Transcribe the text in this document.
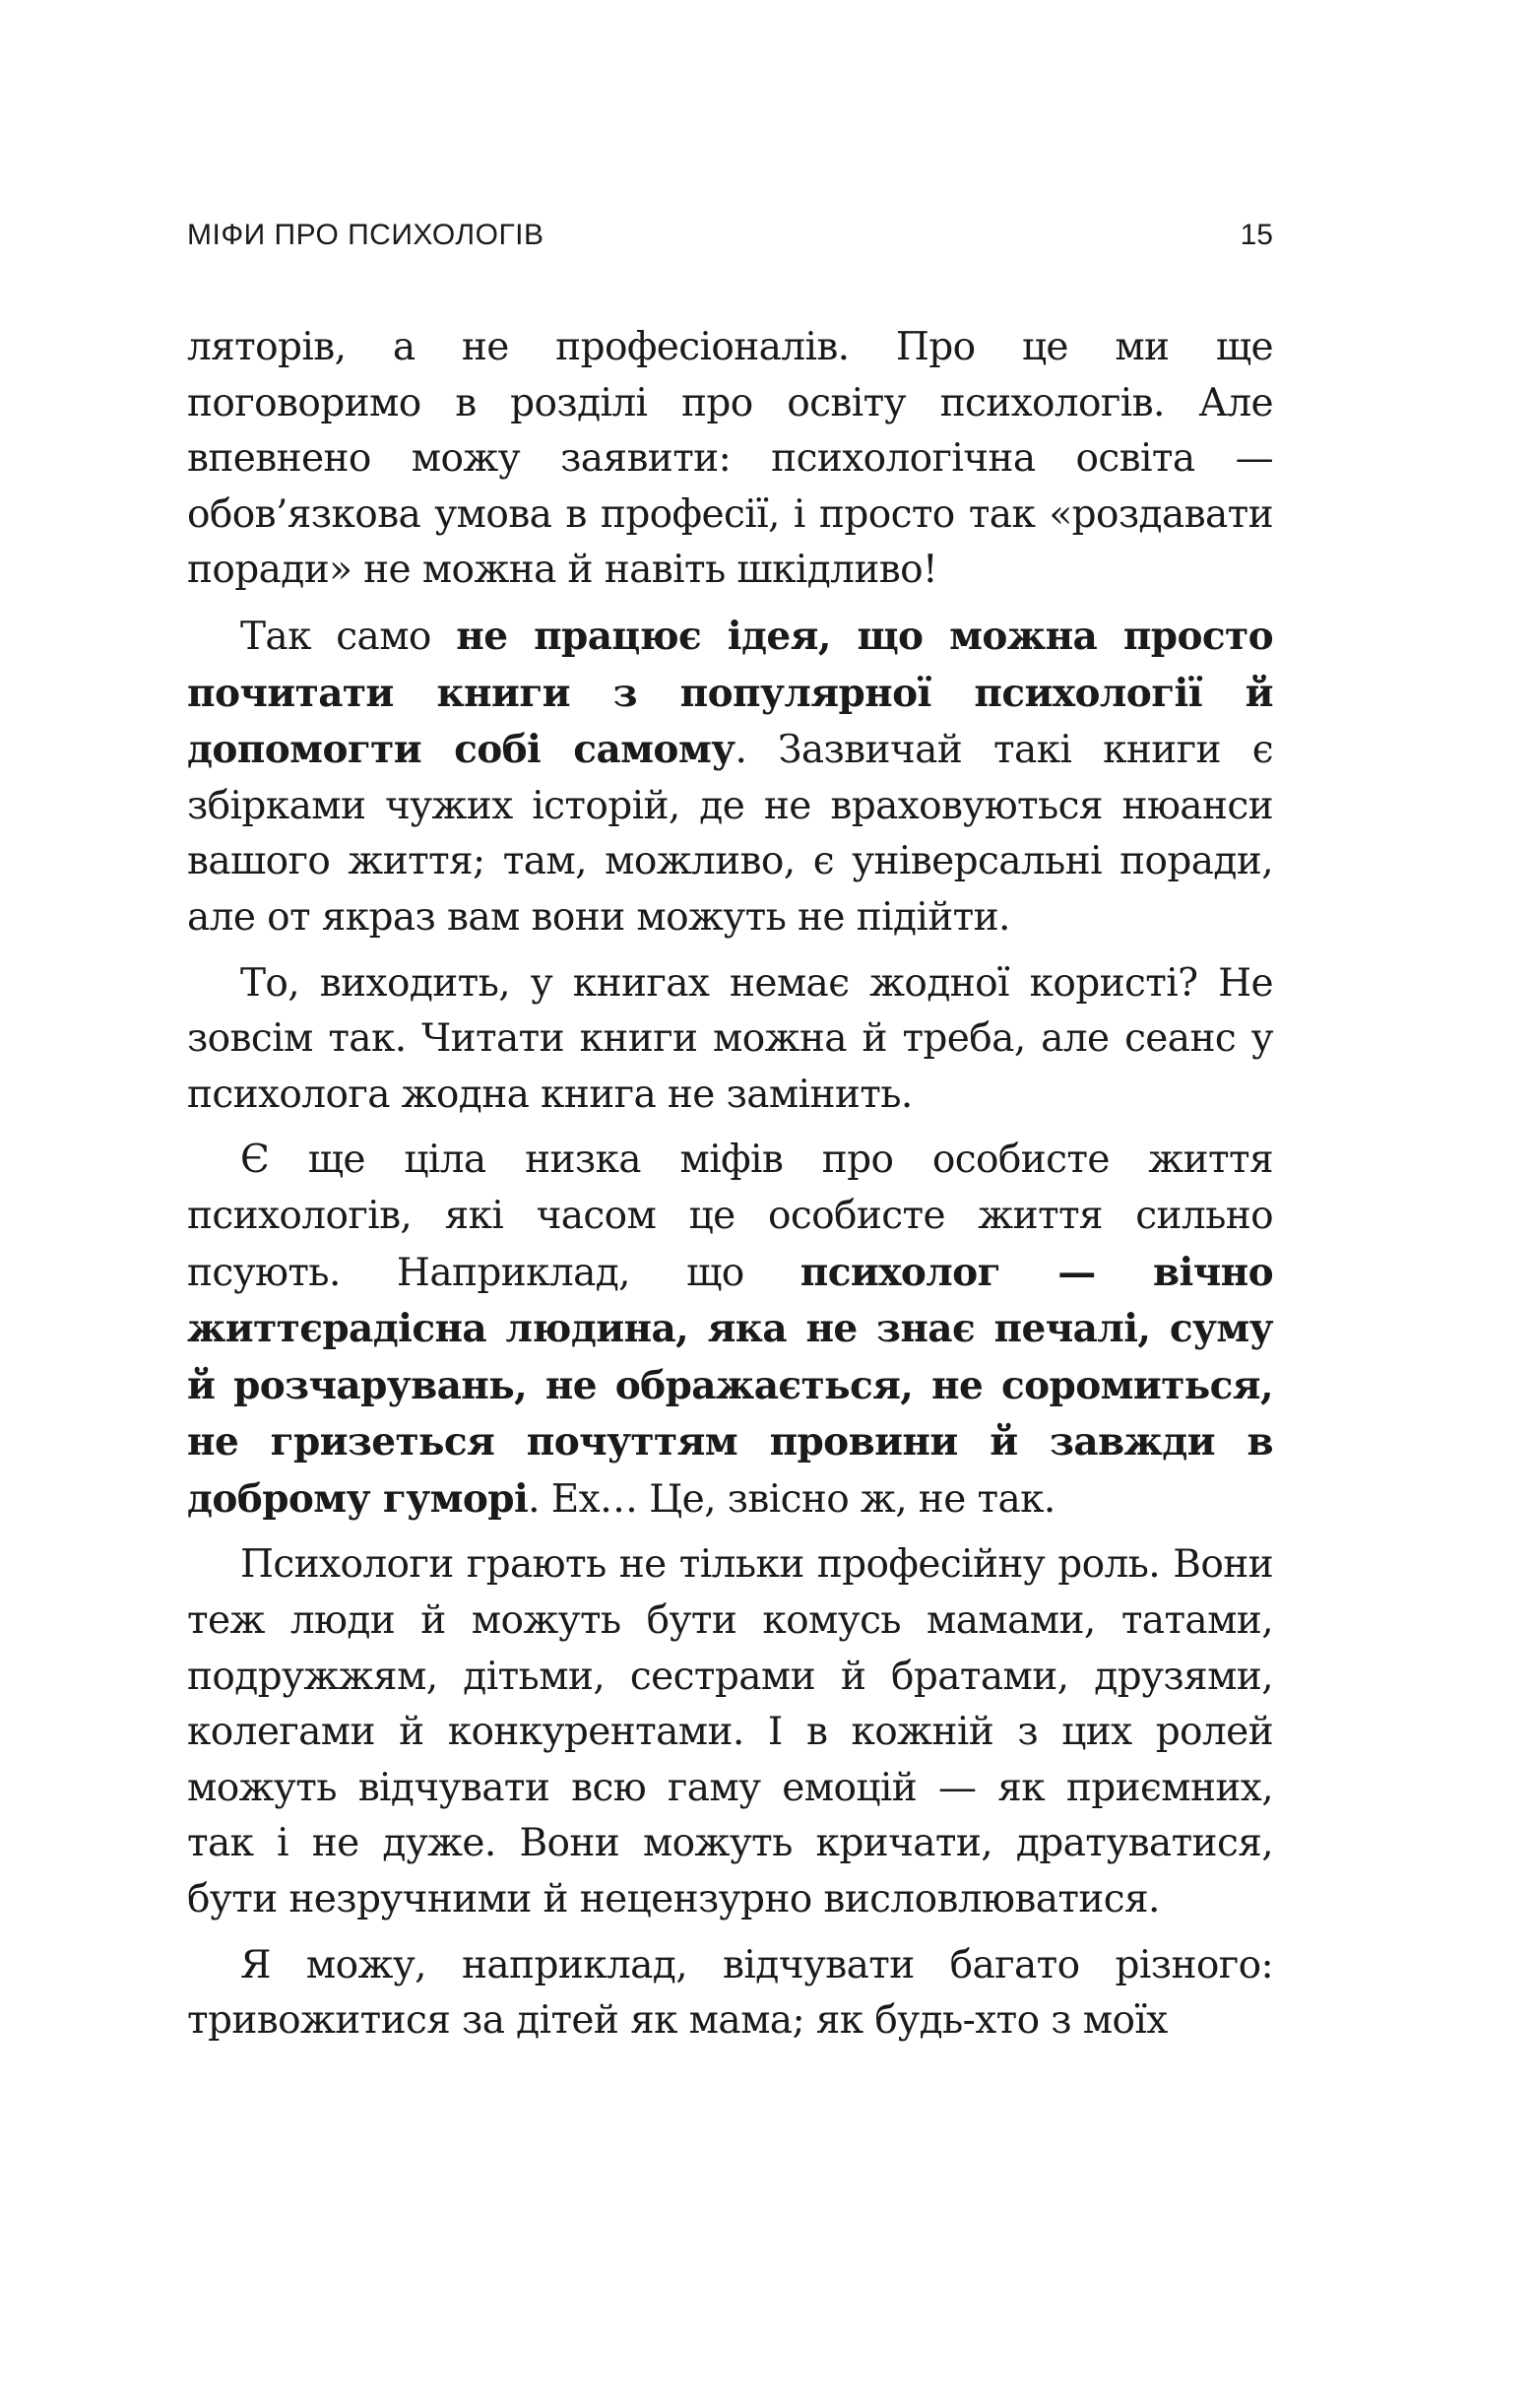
МІФИ ПРО ПСИХОЛОГІВ	15

ляторів, а не професіоналів. Про це ми ще поговоримо в розділі про освіту психологів. Але впевнено можу заявити: психологічна освіта — обов’язкова умова в професії, і просто так «роздавати поради» не можна й навіть шкідливо!

Так само не працює ідея, що можна просто почитати книги з популярної психології й допомогти собі самому. Зазвичай такі книги є збірками чужих історій, де не враховуються нюанси вашого життя; там, можливо, є універсальні поради, але от якраз вам вони можуть не підійти.

То, виходить, у книгах немає жодної користі? Не зовсім так. Читати книги можна й треба, але сеанс у психолога жодна книга не замінить.

Є ще ціла низка міфів про особисте життя психологів, які часом це особисте життя сильно псують. Наприклад, що психолог — вічно життєрадісна людина, яка не знає печалі, суму й розчарувань, не ображається, не соромиться, не гризеться почуттям провини й завжди в доброму гуморі. Ех… Це, звісно ж, не так.

Психологи грають не тільки професійну роль. Вони теж люди й можуть бути комусь мамами, татами, подружжям, дітьми, сестрами й братами, друзями, колегами й конкурентами. І в кожній з цих ролей можуть відчувати всю гаму емоцій — як приємних, так і не дуже. Вони можуть кричати, дратуватися, бути незручними й нецензурно висловлюватися.

Я можу, наприклад, відчувати багато різного: тривожитися за дітей як мама; як будь-хто з моїх
